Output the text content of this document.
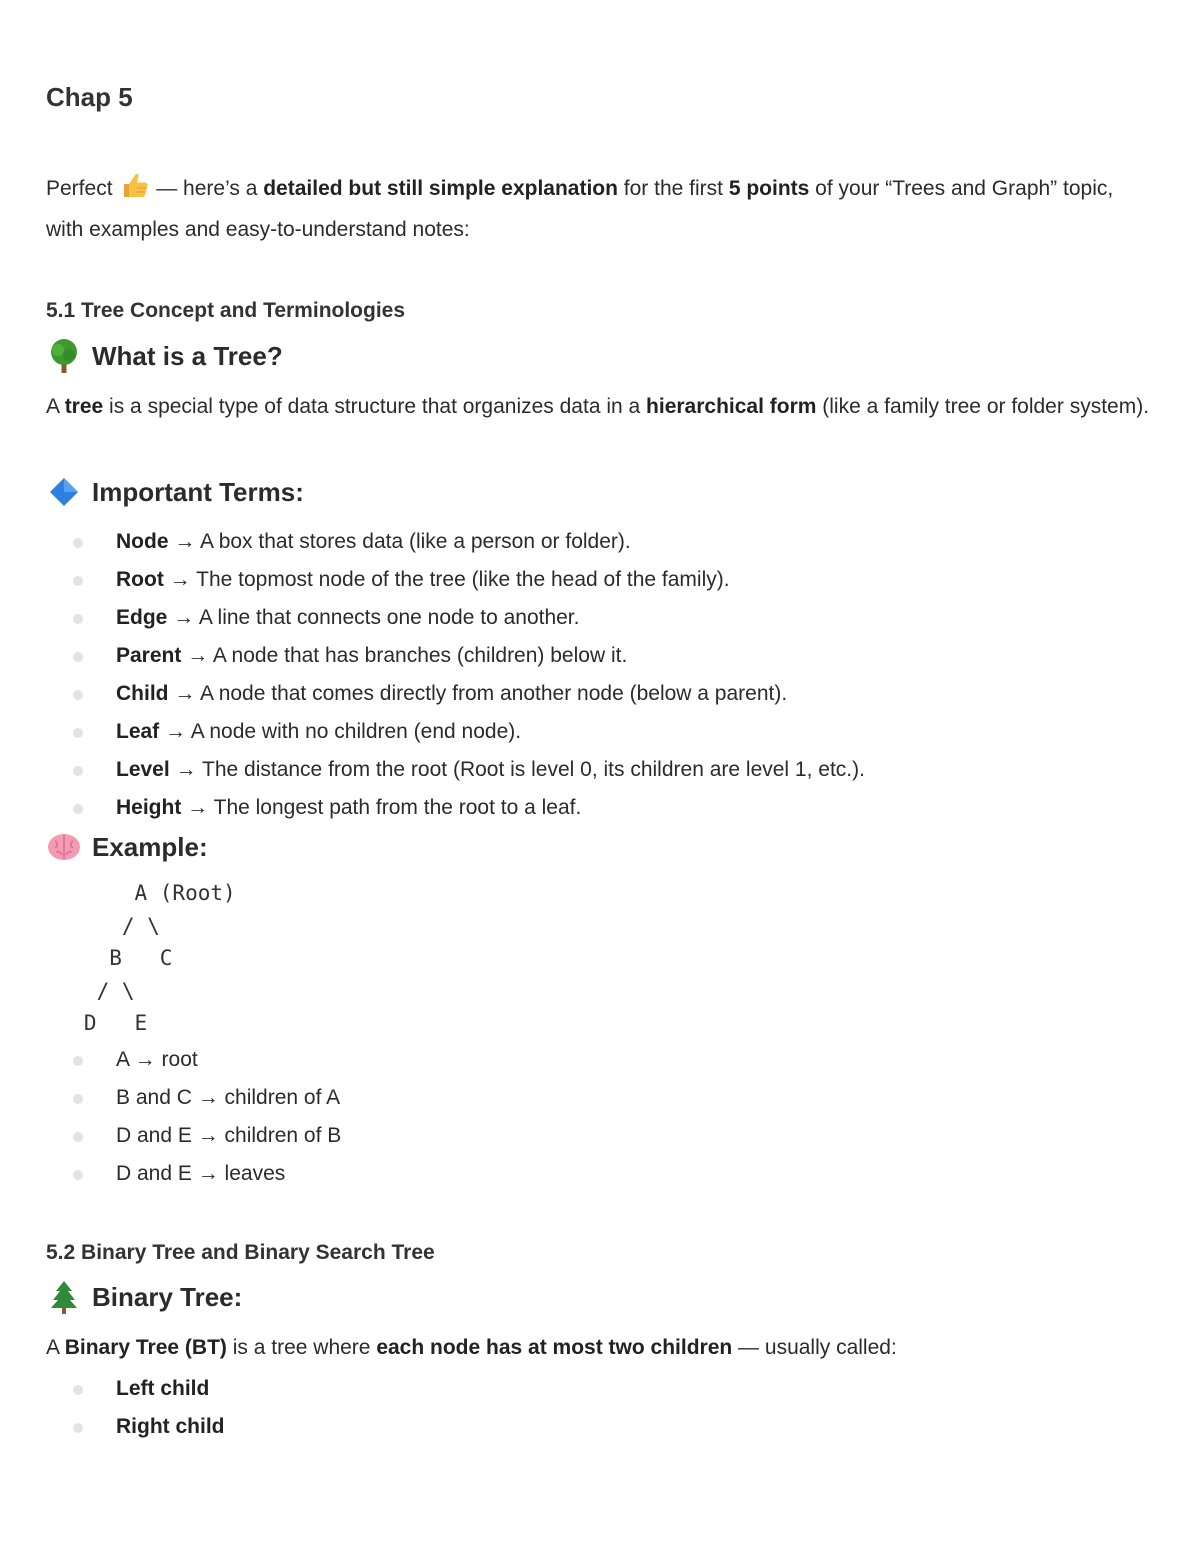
Chap 5

Perfect  — here’s a detailed but still simple explanation for the first 5 points of your “Trees and Graph” topic, with examples and easy-to-understand notes:

5.1 Tree Concept and Terminologies
What is a Tree?

A tree is a special type of data structure that organizes data in a hierarchical form (like a family tree or folder system).

Important Terms:
Node → A box that stores data (like a person or folder).
Root → The topmost node of the tree (like the head of the family).
Edge → A line that connects one node to another.
Parent → A node that has branches (children) below it.
Child → A node that comes directly from another node (below a parent).
Leaf → A node with no children (end node).
Level → The distance from the root (Root is level 0, its children are level 1, etc.).
Height → The longest path from the root to a leaf.
Example:
A (Root)
/ \
B   C
/ \
D   E
A → root
B and C → children of A
D and E → children of B
D and E → leaves
5.2 Binary Tree and Binary Search Tree
Binary Tree:

A Binary Tree (BT) is a tree where each node has at most two children — usually called:

Left child
Right child
